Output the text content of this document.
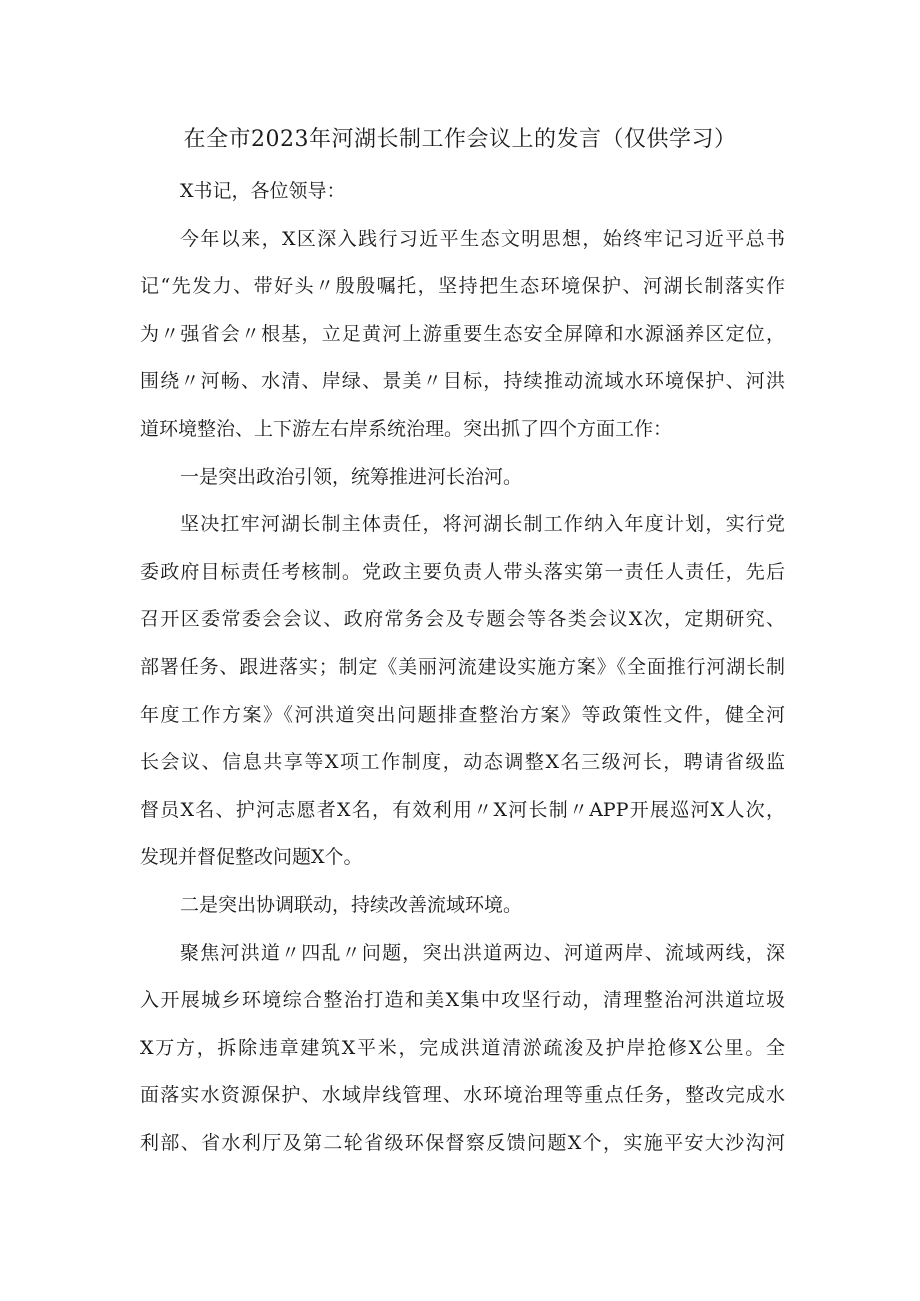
在全市2023年河湖长制工作会议上的发言（仅供学习）
X书记，各位领导：
今年以来，X区深入践行习近平生态文明思想，始终牢记习近平总书
记“先发力、带好头〃殷殷嘱托，坚持把生态环境保护、河湖长制落实作
为〃强省会〃根基，立足黄河上游重要生态安全屏障和水源涵养区定位，
围绕〃河畅、水清、岸绿、景美〃目标，持续推动流域水环境保护、河洪
道环境整治、上下游左右岸系统治理。突出抓了四个方面工作：
一是突出政治引领，统筹推进河长治河。
坚决扛牢河湖长制主体责任，将河湖长制工作纳入年度计划，实行党
委政府目标责任考核制。党政主要负责人带头落实第一责任人责任，先后
召开区委常委会会议、政府常务会及专题会等各类会议X次，定期研究、
部署任务、跟进落实；制定《美丽河流建设实施方案》《全面推行河湖长制
年度工作方案》《河洪道突出问题排查整治方案》等政策性文件，健全河
长会议、信息共享等X项工作制度，动态调整X名三级河长，聘请省级监
督员X名、护河志愿者X名，有效利用〃X河长制〃APP开展巡河X人次，
发现并督促整改问题X个。
二是突出协调联动，持续改善流域环境。
聚焦河洪道〃四乱〃问题，突出洪道两边、河道两岸、流域两线，深
入开展城乡环境综合整治打造和美X集中攻坚行动，清理整治河洪道垃圾
X万方，拆除违章建筑X平米，完成洪道清淤疏浚及护岸抢修X公里。全
面落实水资源保护、水域岸线管理、水环境治理等重点任务，整改完成水
利部、省水利厅及第二轮省级环保督察反馈问题X个，实施平安大沙沟河
